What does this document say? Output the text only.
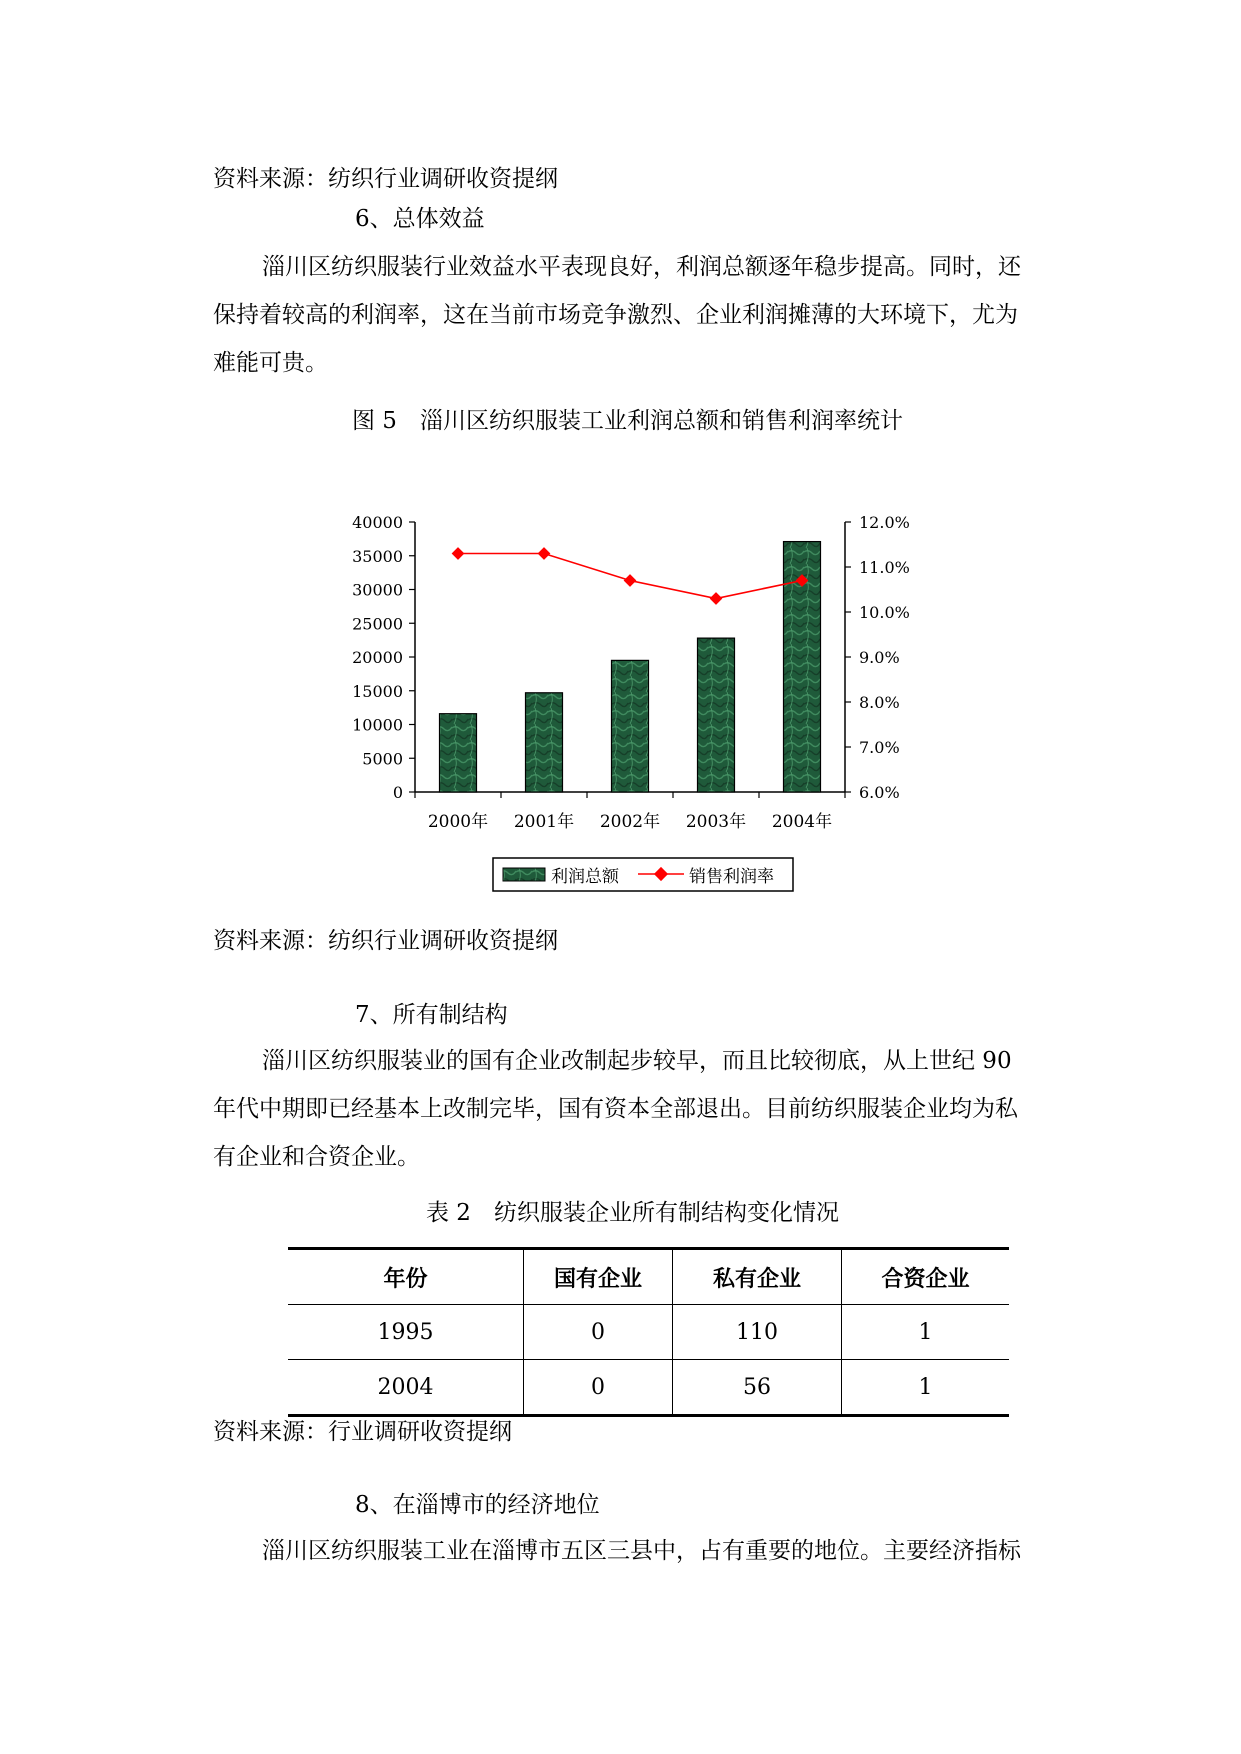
资料来源：纺织行业调研收资提纲
6、总体效益
淄川区纺织服装行业效益水平表现良好，利润总额逐年稳步提高。同时，还
保持着较高的利润率，这在当前市场竞争激烈、企业利润摊薄的大环境下，尤为
难能可贵。
图 5　淄川区纺织服装工业利润总额和销售利润率统计
0
5000
10000
15000
20000
25000
30000
35000
40000
6.0%
7.0%
8.0%
9.0%
10.0%
11.0%
12.0%
2000年 2001年 2002年 2003年 2004年
利润总额	销售利润率
资料来源：纺织行业调研收资提纲
7、所有制结构
淄川区纺织服装业的国有企业改制起步较早，而且比较彻底，从上世纪 90
年代中期即已经基本上改制完毕，国有资本全部退出。目前纺织服装企业均为私
有企业和合资企业。
表 2　纺织服装企业所有制结构变化情况
年份	国有企业	私有企业	合资企业
1995	0	110	1
2004	0	56	1
资料来源：行业调研收资提纲
8、在淄博市的经济地位
淄川区纺织服装工业在淄博市五区三县中，占有重要的地位。主要经济指标
